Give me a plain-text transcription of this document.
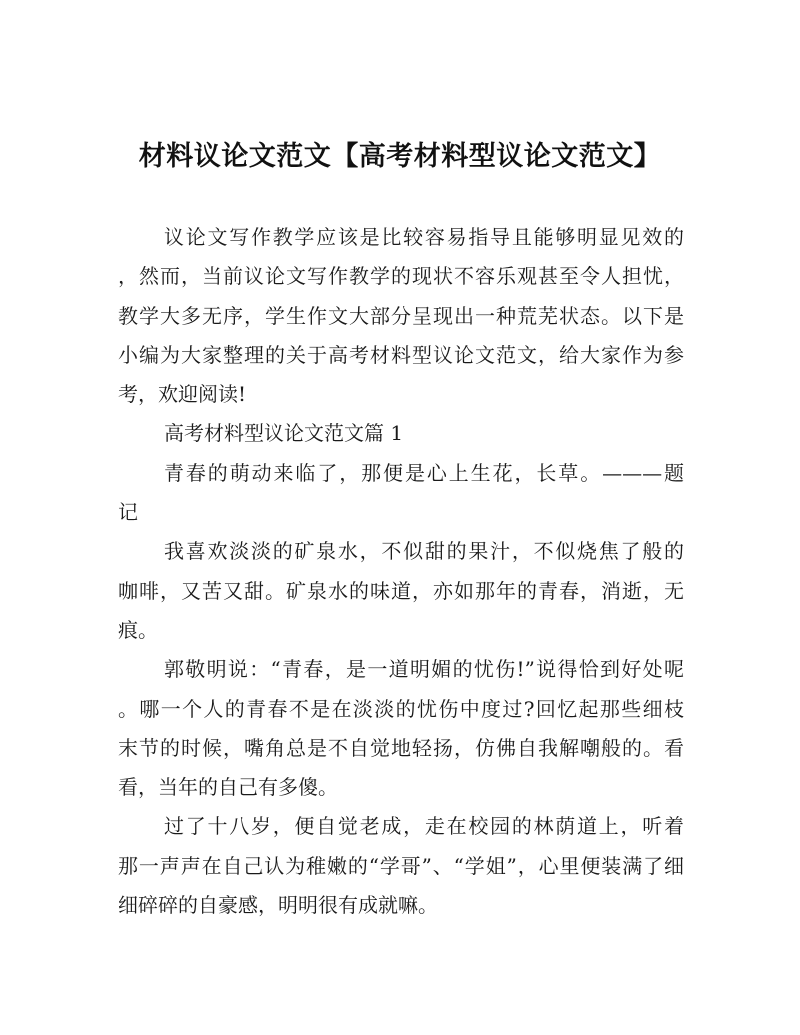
材料议论文范文【高考材料型议论文范文】
议论文写作教学应该是比较容易指导且能够明显见效的
，然而，当前议论文写作教学的现状不容乐观甚至令人担忧，
教学大多无序，学生作文大部分呈现出一种荒芜状态。以下是
小编为大家整理的关于高考材料型议论文范文，给大家作为参
考，欢迎阅读!
高考材料型议论文范文篇 1
青春的萌动来临了，那便是心上生花，长草。———题
记
我喜欢淡淡的矿泉水，不似甜的果汁，不似烧焦了般的
咖啡，又苦又甜。矿泉水的味道，亦如那年的青春，消逝，无
痕。
郭敬明说：“青春，是一道明媚的忧伤!”说得恰到好处呢
。哪一个人的青春不是在淡淡的忧伤中度过?回忆起那些细枝
末节的时候，嘴角总是不自觉地轻扬，仿佛自我解嘲般的。看
看，当年的自己有多傻。
过了十八岁，便自觉老成，走在校园的林荫道上，听着
那一声声在自己认为稚嫩的“学哥”、“学姐”，心里便装满了细
细碎碎的自豪感，明明很有成就嘛。
